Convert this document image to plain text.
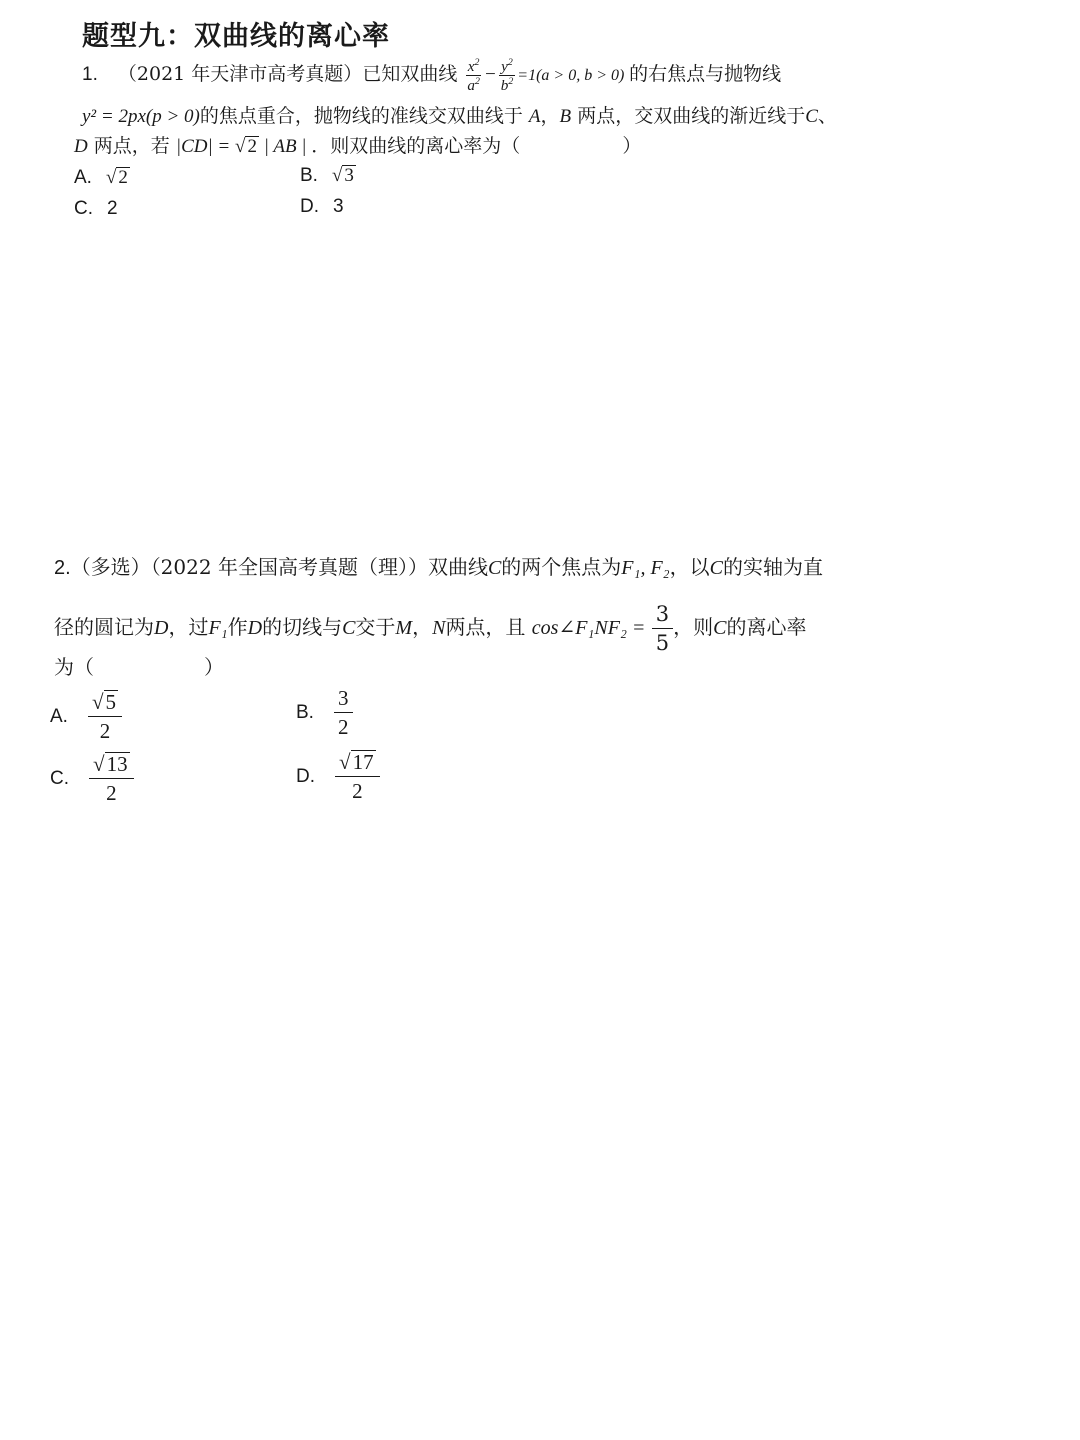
题型九：双曲线的离心率
1. （2021 年天津市高考真题）已知双曲线 $\frac{x^2}{a^2} - \frac{y^2}{b^2} =1(a > 0$, b > 0) 的右焦点与抛物线
y² = 2px(p > 0)的焦点重合，抛物线的准线交双曲线于 A，B 两点，交双曲线的渐近线于C、
D 两点，若 |CD| = √ 2 | AB | ．则双曲线的离心率为（	）
A. √ 2	B. √ 3
C. 2	D. 3
2.（多选）（2022 年全国高考真题（理））双曲线C的两个焦点为F₁, F₂，以C的实轴为直
径的圆记为D，过F₁作D的切线与C交于M，N两点，且 cos∠F₁NF₂ = $\frac{3}{5}$ ，则C的离心率
为（	）
A. $\frac{√5}{2}$	B. $\frac{3}{2}$
C. $\frac{√13}{2}$	D. $\frac{√17}{2}$
